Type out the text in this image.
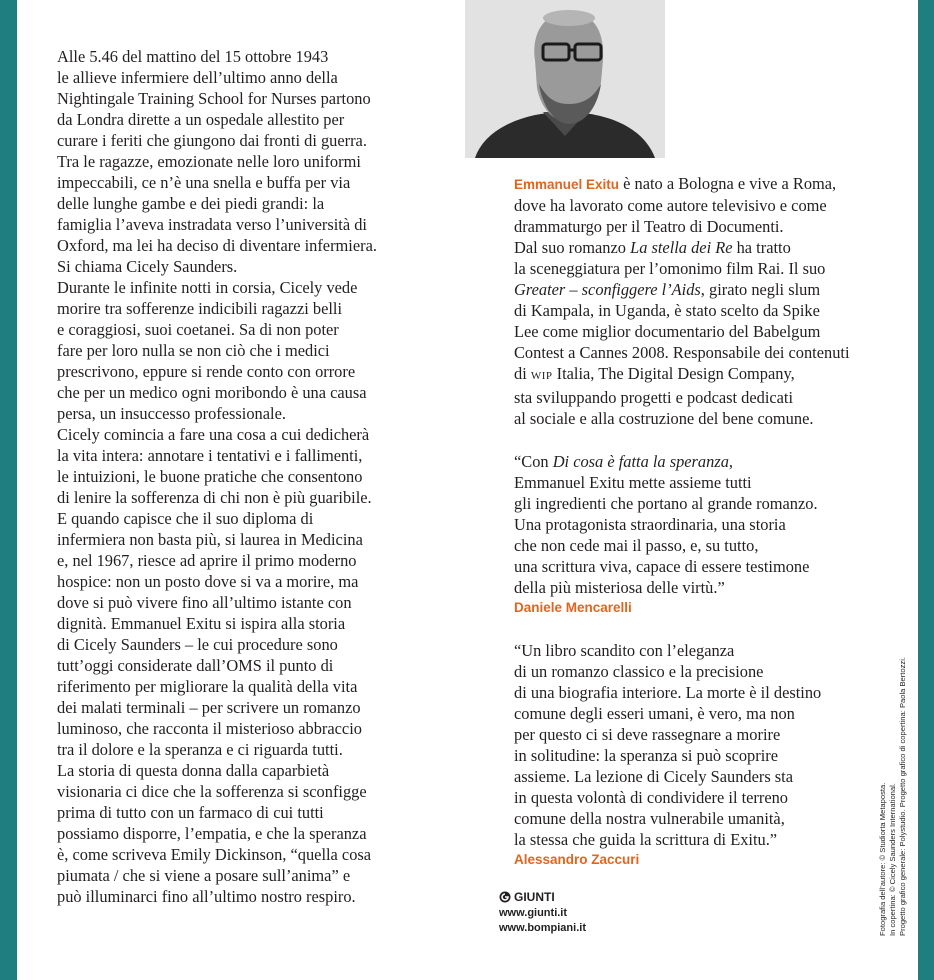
Alle 5.46 del mattino del 15 ottobre 1943
le allieve infermiere dell’ultimo anno della
Nightingale Training School for Nurses partono
da Londra dirette a un ospedale allestito per
curare i feriti che giungono dai fronti di guerra.
Tra le ragazze, emozionate nelle loro uniformi
impeccabili, ce n’è una snella e buffa per via
delle lunghe gambe e dei piedi grandi: la
famiglia l’aveva instradata verso l’università di
Oxford, ma lei ha deciso di diventare infermiera.
Si chiama Cicely Saunders.

Durante le infinite notti in corsia, Cicely vede
morire tra sofferenze indicibili ragazzi belli
e coraggiosi, suoi coetanei. Sa di non poter
fare per loro nulla se non ciò che i medici
prescrivono, eppure si rende conto con orrore
che per un medico ogni moribondo è una causa
persa, un insuccesso professionale.

Cicely comincia a fare una cosa a cui dedicherà
la vita intera: annotare i tentativi e i fallimenti,
le intuizioni, le buone pratiche che consentono
di lenire la sofferenza di chi non è più guaribile.
E quando capisce che il suo diploma di
infermiera non basta più, si laurea in Medicina
e, nel 1967, riesce ad aprire il primo moderno
hospice: non un posto dove si va a morire, ma
dove si può vivere fino all’ultimo istante con
dignità. Emmanuel Exitu si ispira alla storia
di Cicely Saunders – le cui procedure sono
tutt’oggi considerate dall’OMS il punto di
riferimento per migliorare la qualità della vita
dei malati terminali – per scrivere un romanzo
luminoso, che racconta il misterioso abbraccio
tra il dolore e la speranza e ci riguarda tutti.

La storia di questa donna dalla caparbietà
visionaria ci dice che la sofferenza si sconfigge
prima di tutto con un farmaco di cui tutti
possiamo disporre, l’empatia, e che la speranza
è, come scriveva Emily Dickinson, “quella cosa
piumata / che si viene a posare sull’anima” e
può illuminarci fino all’ultimo nostro respiro.

Emmanuel Exitu è nato a Bologna e vive a Roma,
dove ha lavorato come autore televisivo e come
drammaturgo per il Teatro di Documenti.
Dal suo romanzo La stella dei Re ha tratto
la sceneggiatura per l’omonimo film Rai. Il suo
Greater – sconfiggere l’Aids, girato negli slum
di Kampala, in Uganda, è stato scelto da Spike
Lee come miglior documentario del Babelgum
Contest a Cannes 2008. Responsabile dei contenuti
di WIP Italia, The Digital Design Company,
sta sviluppando progetti e podcast dedicati
al sociale e alla costruzione del bene comune.
“Con Di cosa è fatta la speranza,
Emmanuel Exitu mette assieme tutti
gli ingredienti che portano al grande romanzo.
Una protagonista straordinaria, una storia
che non cede mai il passo, e, su tutto,
una scrittura viva, capace di essere testimone
della più misteriosa delle virtù.”
Daniele Mencarelli
“Un libro scandito con l’eleganza
di un romanzo classico e la precisione
di una biografia interiore. La morte è il destino
comune degli esseri umani, è vero, ma non
per questo ci si deve rassegnare a morire
in solitudine: la speranza si può scoprire
assieme. La lezione di Cicely Saunders sta
in questa volontà di condividere il terreno
comune della nostra vulnerabile umanità,
la stessa che guida la scrittura di Exitu.”
Alessandro Zaccuri
GIUNTI
www.giunti.it
www.bompiani.it	Fotografia dell’autore: © Studiorta Metaposta. In copertina: © Cicely Saunders International. Progetto grafico generale: Polystudio. Progetto grafico di copertina: Paola Bertozzi.
